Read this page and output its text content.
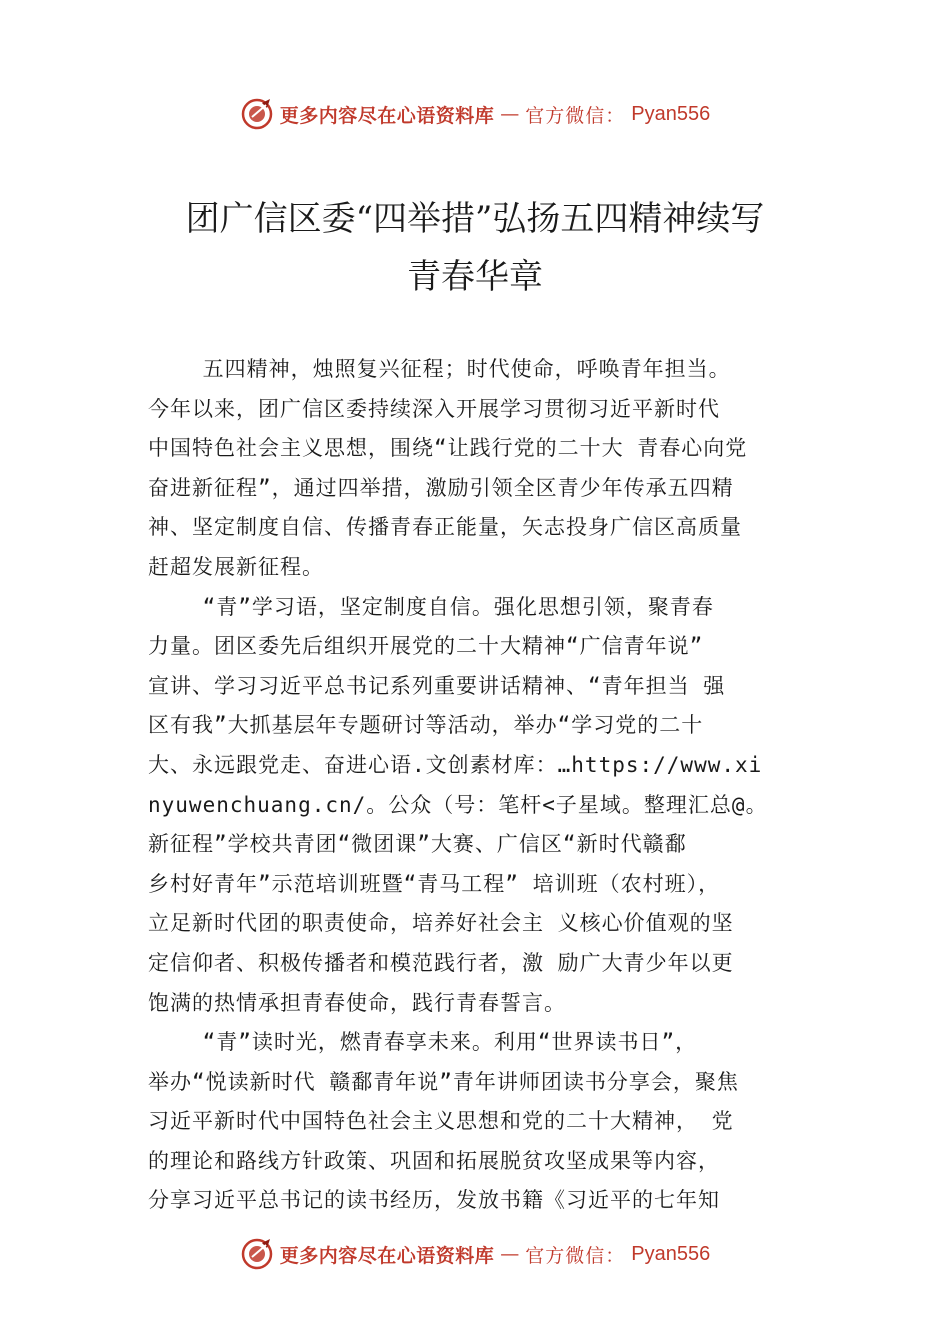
更多内容尽在心语资料库 — 官方微信： Pyan556
团广信区委“四举措”弘扬五四精神续写
青春华章
五四精神，烛照复兴征程；时代使命，呼唤青年担当。
今年以来，团广信区委持续深入开展学习贯彻习近平新时代
中国特色社会主义思想，围绕“让践行党的二十大 青春心向党
奋进新征程”，通过四举措，激励引领全区青少年传承五四精
神、坚定制度自信、传播青春正能量，矢志投身广信区高质量
赶超发展新征程。
“青”学习语，坚定制度自信。强化思想引领，聚青春
力量。团区委先后组织开展党的二十大精神“广信青年说”
宣讲、学习习近平总书记系列重要讲话精神、“青年担当 强
区有我”大抓基层年专题研讨等活动，举办“学习党的二十
大、永远跟党走、奋进心语.文创素材库：…https://www.xi
nyuwenchuang.cn/。公众（号：笔杆<子星域。整理汇总@。
新征程”学校共青团“微团课”大赛、广信区“新时代赣鄱
乡村好青年”示范培训班暨“青马工程” 培训班（农村班），
立足新时代团的职责使命，培养好社会主 义核心价值观的坚
定信仰者、积极传播者和模范践行者，激 励广大青少年以更
饱满的热情承担青春使命，践行青春誓言。
“青”读时光，燃青春享未来。利用“世界读书日”，
举办“悦读新时代 赣鄱青年说”青年讲师团读书分享会，聚焦
习近平新时代中国特色社会主义思想和党的二十大精神， 党
的理论和路线方针政策、巩固和拓展脱贫攻坚成果等内容，
分享习近平总书记的读书经历，发放书籍《习近平的七年知
更多内容尽在心语资料库 — 官方微信： Pyan556
